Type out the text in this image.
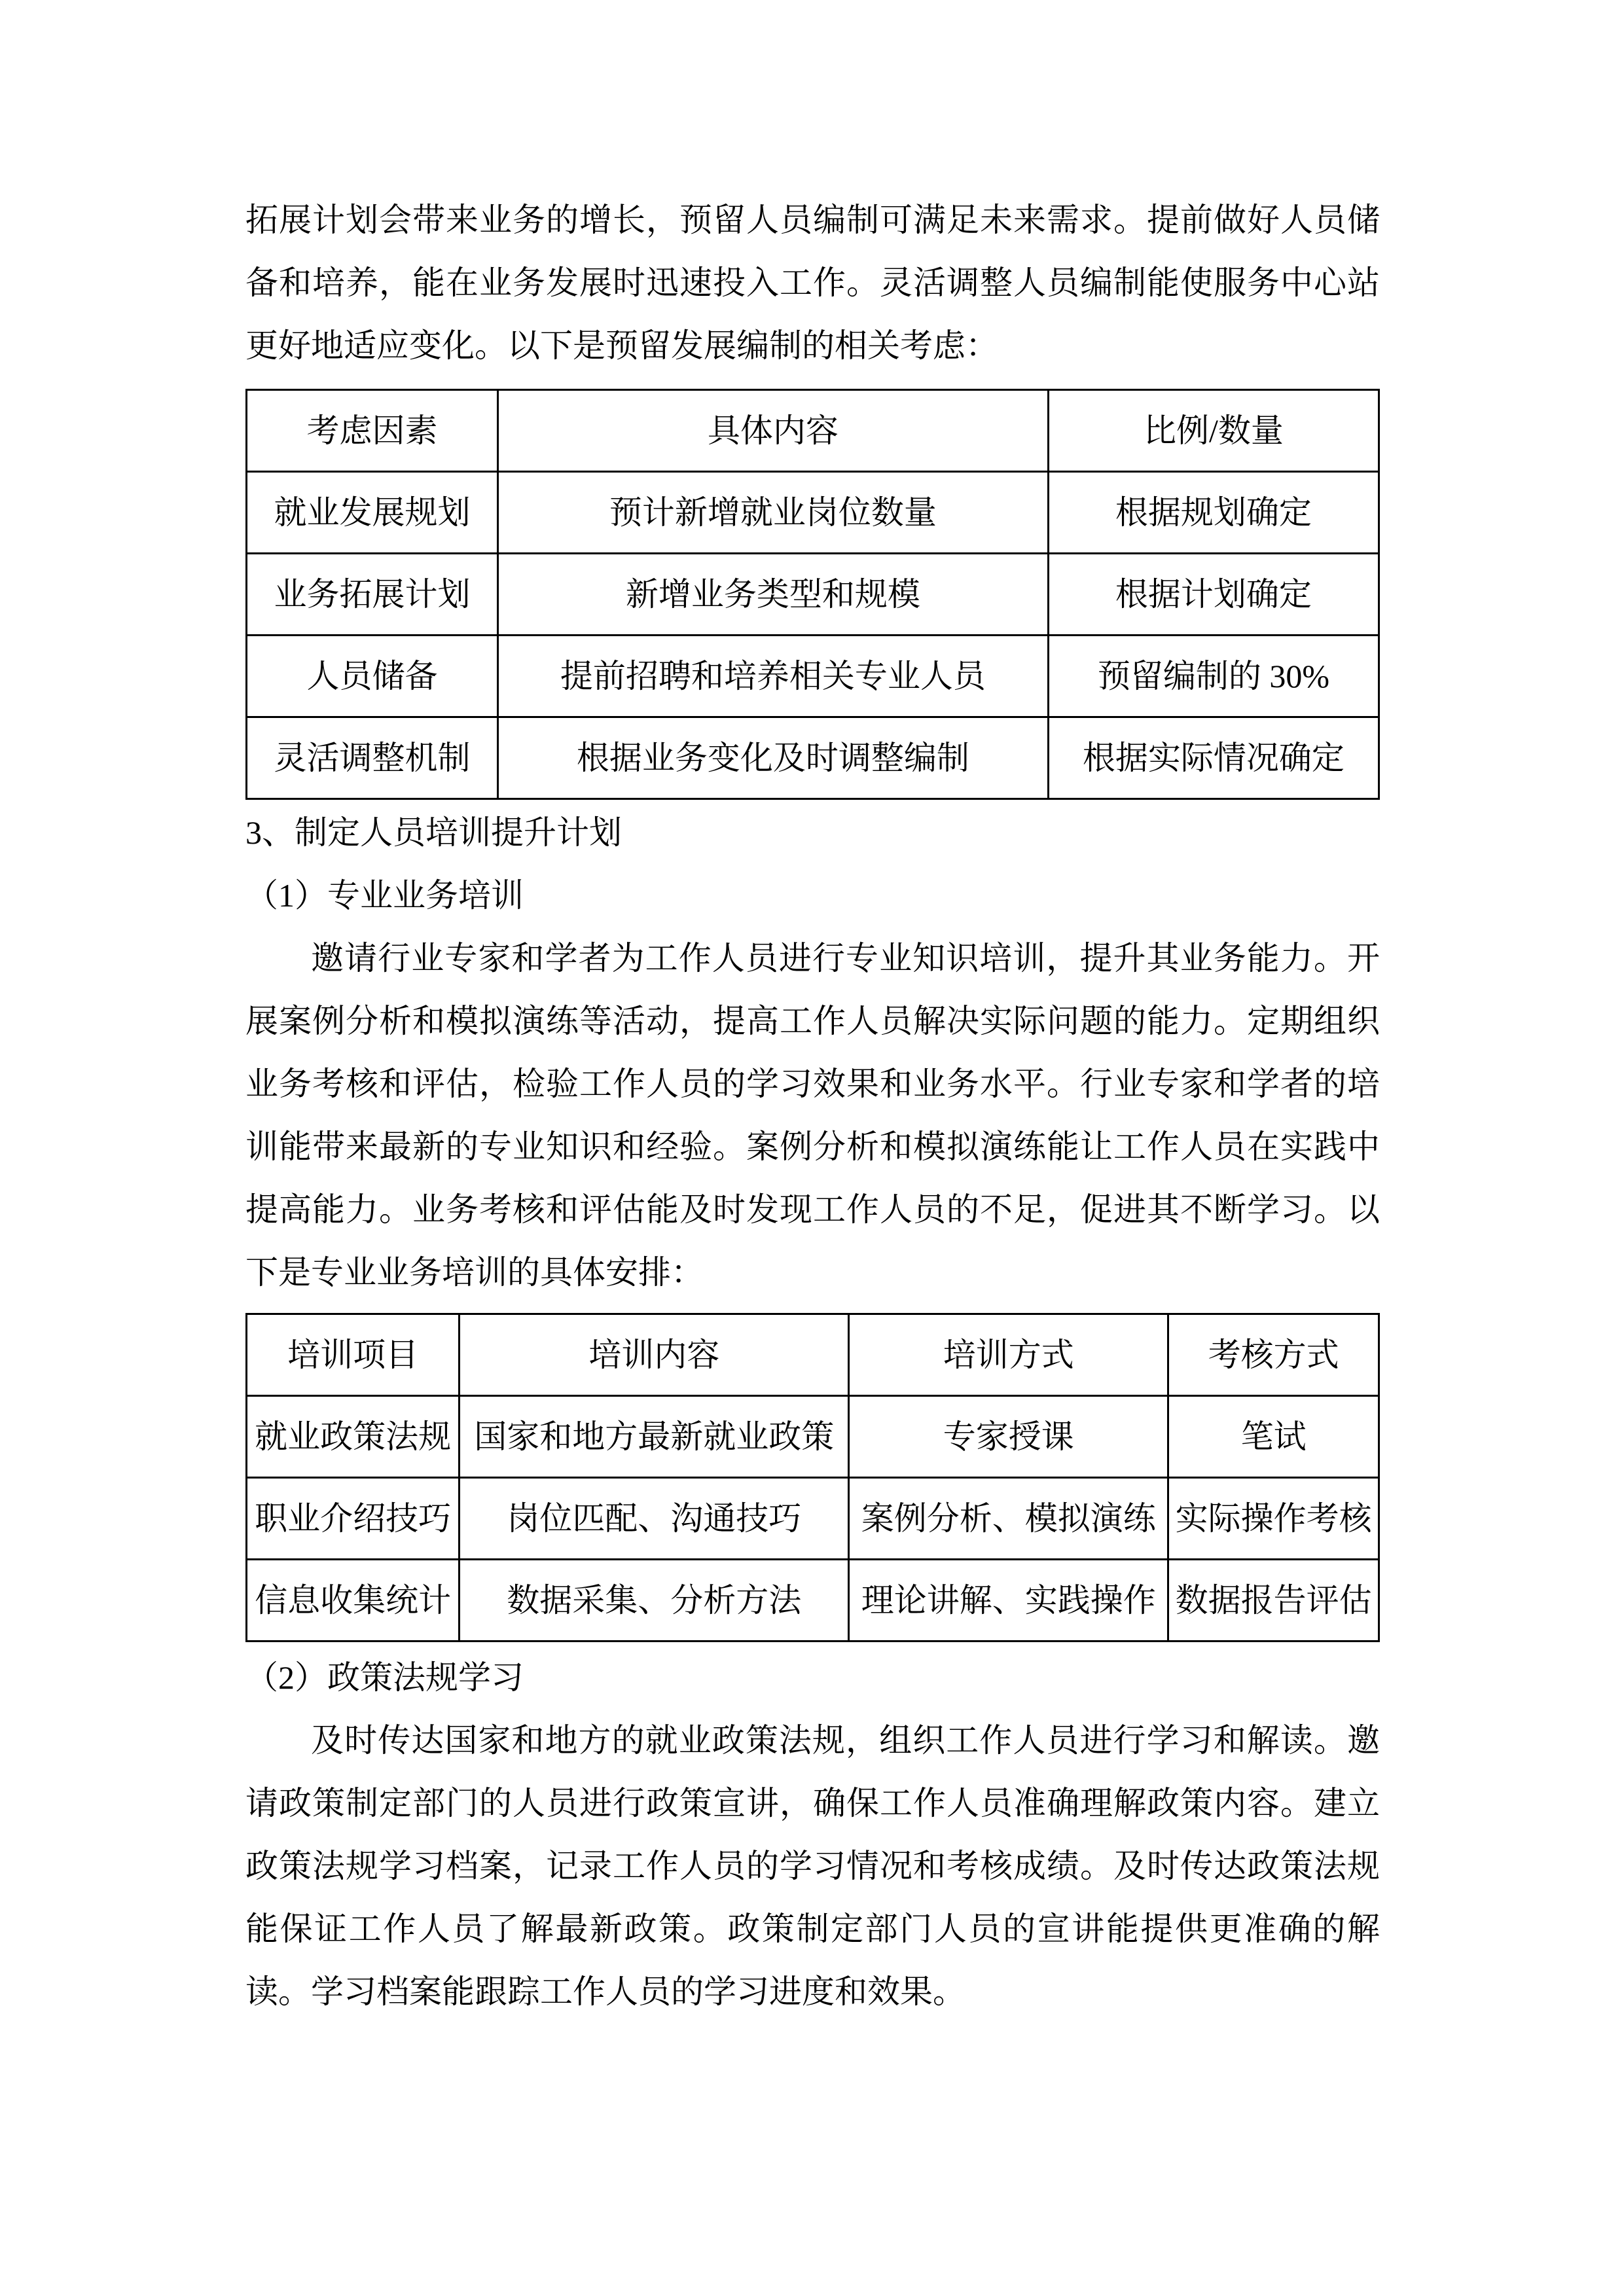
拓展计划会带来业务的增长，预留人员编制可满足未来需求。提前做好人员储备和培养，能在业务发展时迅速投入工作。灵活调整人员编制能使服务中心站更好地适应变化。以下是预留发展编制的相关考虑：

考虑因素	具体内容	比例/数量
就业发展规划	预计新增就业岗位数量	根据规划确定
业务拓展计划	新增业务类型和规模	根据计划确定
人员储备	提前招聘和培养相关专业人员	预留编制的 30%
灵活调整机制	根据业务变化及时调整编制	根据实际情况确定

3、制定人员培训提升计划

（1）专业业务培训

邀请行业专家和学者为工作人员进行专业知识培训，提升其业务能力。开展案例分析和模拟演练等活动，提高工作人员解决实际问题的能力。定期组织业务考核和评估，检验工作人员的学习效果和业务水平。行业专家和学者的培训能带来最新的专业知识和经验。案例分析和模拟演练能让工作人员在实践中提高能力。业务考核和评估能及时发现工作人员的不足，促进其不断学习。以下是专业业务培训的具体安排：

培训项目	培训内容	培训方式	考核方式
就业政策法规	国家和地方最新就业政策	专家授课	笔试
职业介绍技巧	岗位匹配、沟通技巧	案例分析、模拟演练	实际操作考核
信息收集统计	数据采集、分析方法	理论讲解、实践操作	数据报告评估

（2）政策法规学习

及时传达国家和地方的就业政策法规，组织工作人员进行学习和解读。邀请政策制定部门的人员进行政策宣讲，确保工作人员准确理解政策内容。建立政策法规学习档案，记录工作人员的学习情况和考核成绩。及时传达政策法规能保证工作人员了解最新政策。政策制定部门人员的宣讲能提供更准确的解读。学习档案能跟踪工作人员的学习进度和效果。
